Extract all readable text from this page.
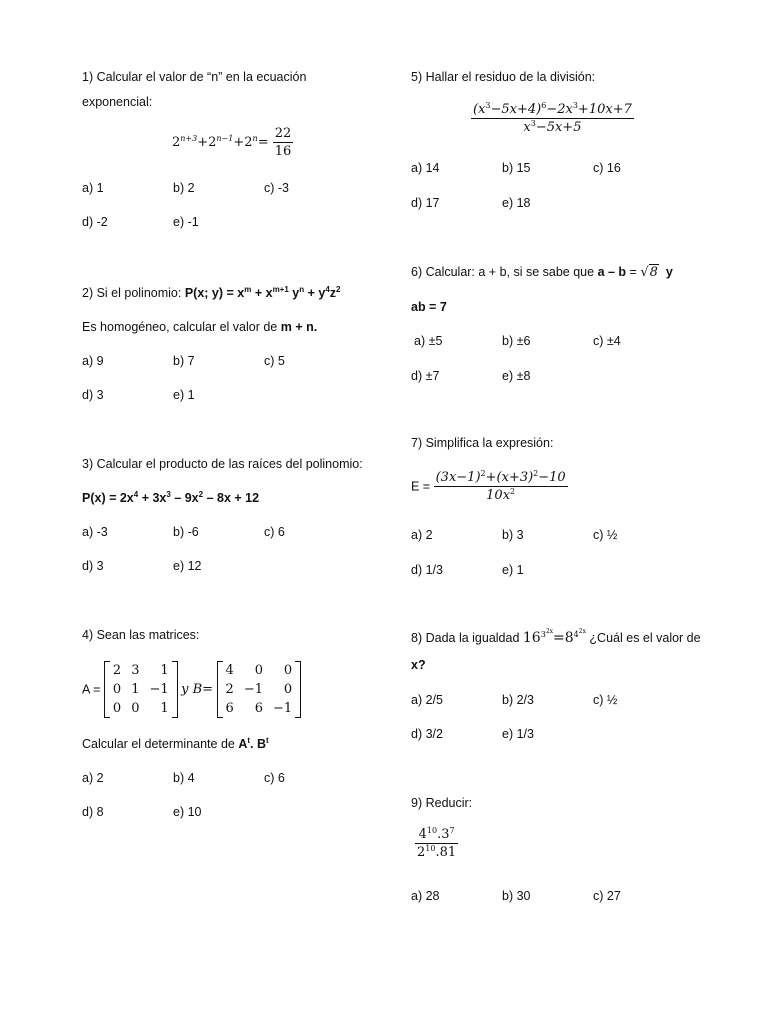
1) Calcular el valor de “n” en la ecuación
exponencial:
$2^{n+3}+2^{n-1}+2^n= \frac{22}{16}$
a) 1	b) 2	c) -3
d) -2	e) -1
2) Si el polinomio: P(x; $y) = x^m + x^{m+1}$ $y^n + y^4z^2$
Es homogéneo, calcular el valor de m + n.
a) 9	b) 7	c) 5
d) 3	e) 1
3) Calcular el producto de las raíces del polinomio:
$P(x) = 2x^4 + 3x^3 - 9x^2 - 8x + 12$
a) -3	b) -6	c) 6
d) 3	e) 12
4) Sean las matrices:
A =
2	3	1
0	1	−1
0	0	1
y B=
4	0	0
2	−1	0
6	6	−1
Calcular el determinante de $A^t$. $B^t$
a) 2	b) 4	c) 6
d) 8	e) 10
5) Hallar el residuo de la división:
$\frac{(x^3-5x+4)^6-2x^3+10x+7}{x^3-5x+5}$
a) 14	b) 15	c) 16
d) 17	e) 18
6) Calcular: a + b, si se sabe que a – b = √8 y
ab = 7
a) ±5	b) ±6	c) ±4
d) ±7	e) ±8
7) Simplifica la expresión:
$E = \frac{(3x-1)^2+(x+3)^2-10}{10x^2}$
a) 2	b) 3	c) ½
d) 1/3	e) 1
8) Dada la igualdad $16^{3^{2x}}=8^{4^{2x}}$ ¿Cuál es el valor de
x?
a) 2/5	b) 2/3	c) ½
d) 3/2	e) 1/3
9) Reducir:
$\frac{4^{10}.3^7}{2^{10}.81}$
a) 28	b) 30	c) 27
